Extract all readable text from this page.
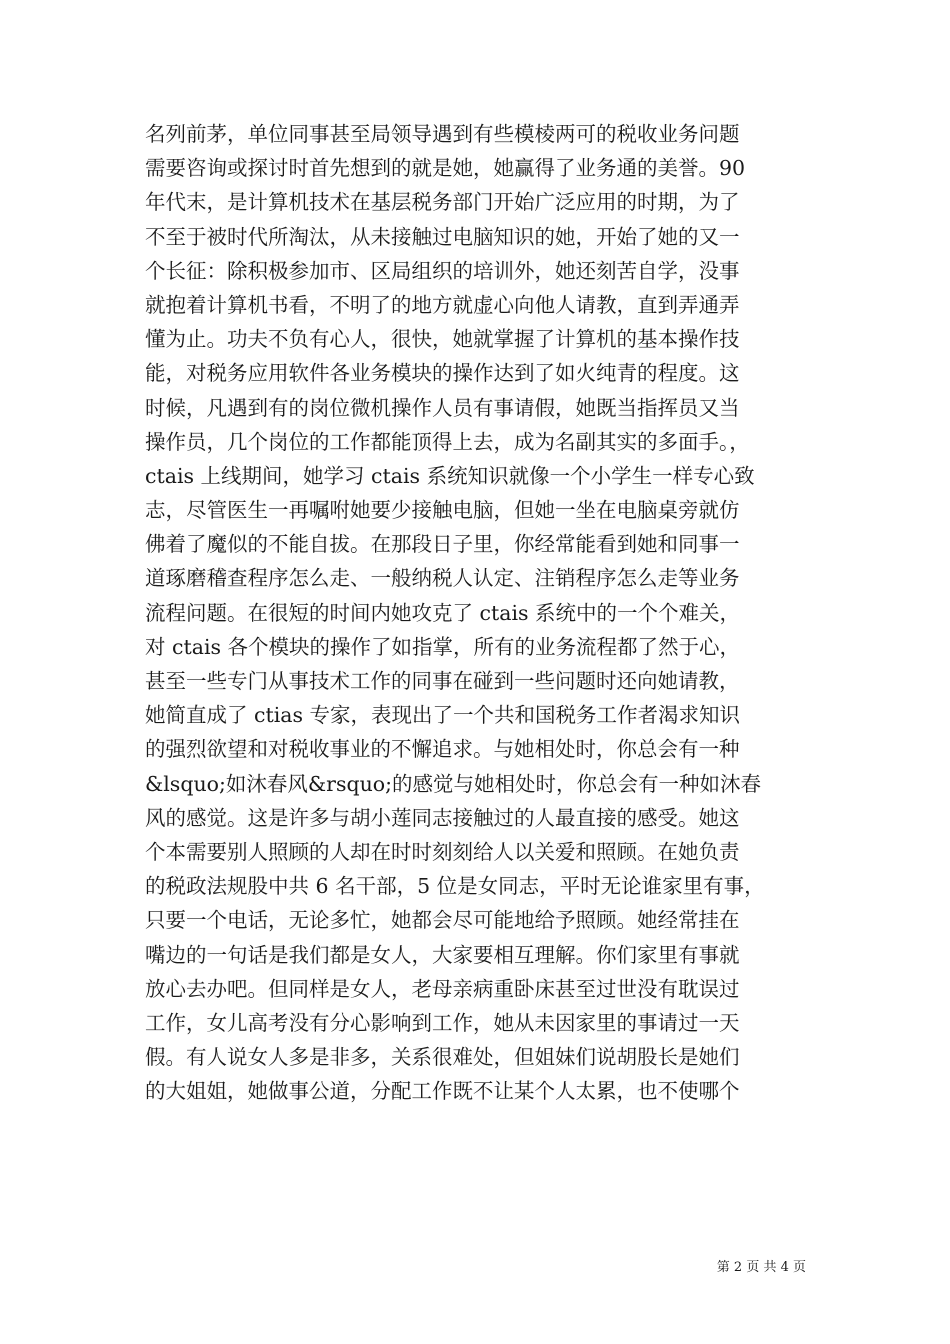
名列前茅，单位同事甚至局领导遇到有些模棱两可的税收业务问题
需要咨询或探讨时首先想到的就是她，她赢得了业务通的美誉。90
年代末，是计算机技术在基层税务部门开始广泛应用的时期，为了
不至于被时代所淘汰，从未接触过电脑知识的她，开始了她的又一
个长征：除积极参加市、区局组织的培训外，她还刻苦自学，没事
就抱着计算机书看，不明了的地方就虚心向他人请教，直到弄通弄
懂为止。功夫不负有心人，很快，她就掌握了计算机的基本操作技
能，对税务应用软件各业务模块的操作达到了如火纯青的程度。这
时候，凡遇到有的岗位微机操作人员有事请假，她既当指挥员又当
操作员，几个岗位的工作都能顶得上去，成为名副其实的多面手。，
ctais 上线期间，她学习 ctais 系统知识就像一个小学生一样专心致
志，尽管医生一再嘱咐她要少接触电脑，但她一坐在电脑桌旁就仿
佛着了魔似的不能自拔。在那段日子里，你经常能看到她和同事一
道琢磨稽查程序怎么走、一般纳税人认定、注销程序怎么走等业务
流程问题。在很短的时间内她攻克了 ctais 系统中的一个个难关，
对 ctais 各个模块的操作了如指掌，所有的业务流程都了然于心，
甚至一些专门从事技术工作的同事在碰到一些问题时还向她请教，
她简直成了 ctias 专家，表现出了一个共和国税务工作者渴求知识
的强烈欲望和对税收事业的不懈追求。与她相处时，你总会有一种
&lsquo;如沐春风&rsquo;的感觉与她相处时，你总会有一种如沐春
风的感觉。这是许多与胡小莲同志接触过的人最直接的感受。她这
个本需要别人照顾的人却在时时刻刻给人以关爱和照顾。在她负责
的税政法规股中共 6 名干部，5 位是女同志，平时无论谁家里有事，
只要一个电话，无论多忙，她都会尽可能地给予照顾。她经常挂在
嘴边的一句话是我们都是女人，大家要相互理解。你们家里有事就
放心去办吧。但同样是女人，老母亲病重卧床甚至过世没有耽误过
工作，女儿高考没有分心影响到工作，她从未因家里的事请过一天
假。有人说女人多是非多，关系很难处，但姐妹们说胡股长是她们
的大姐姐，她做事公道，分配工作既不让某个人太累，也不使哪个
第 2 页 共 4 页
